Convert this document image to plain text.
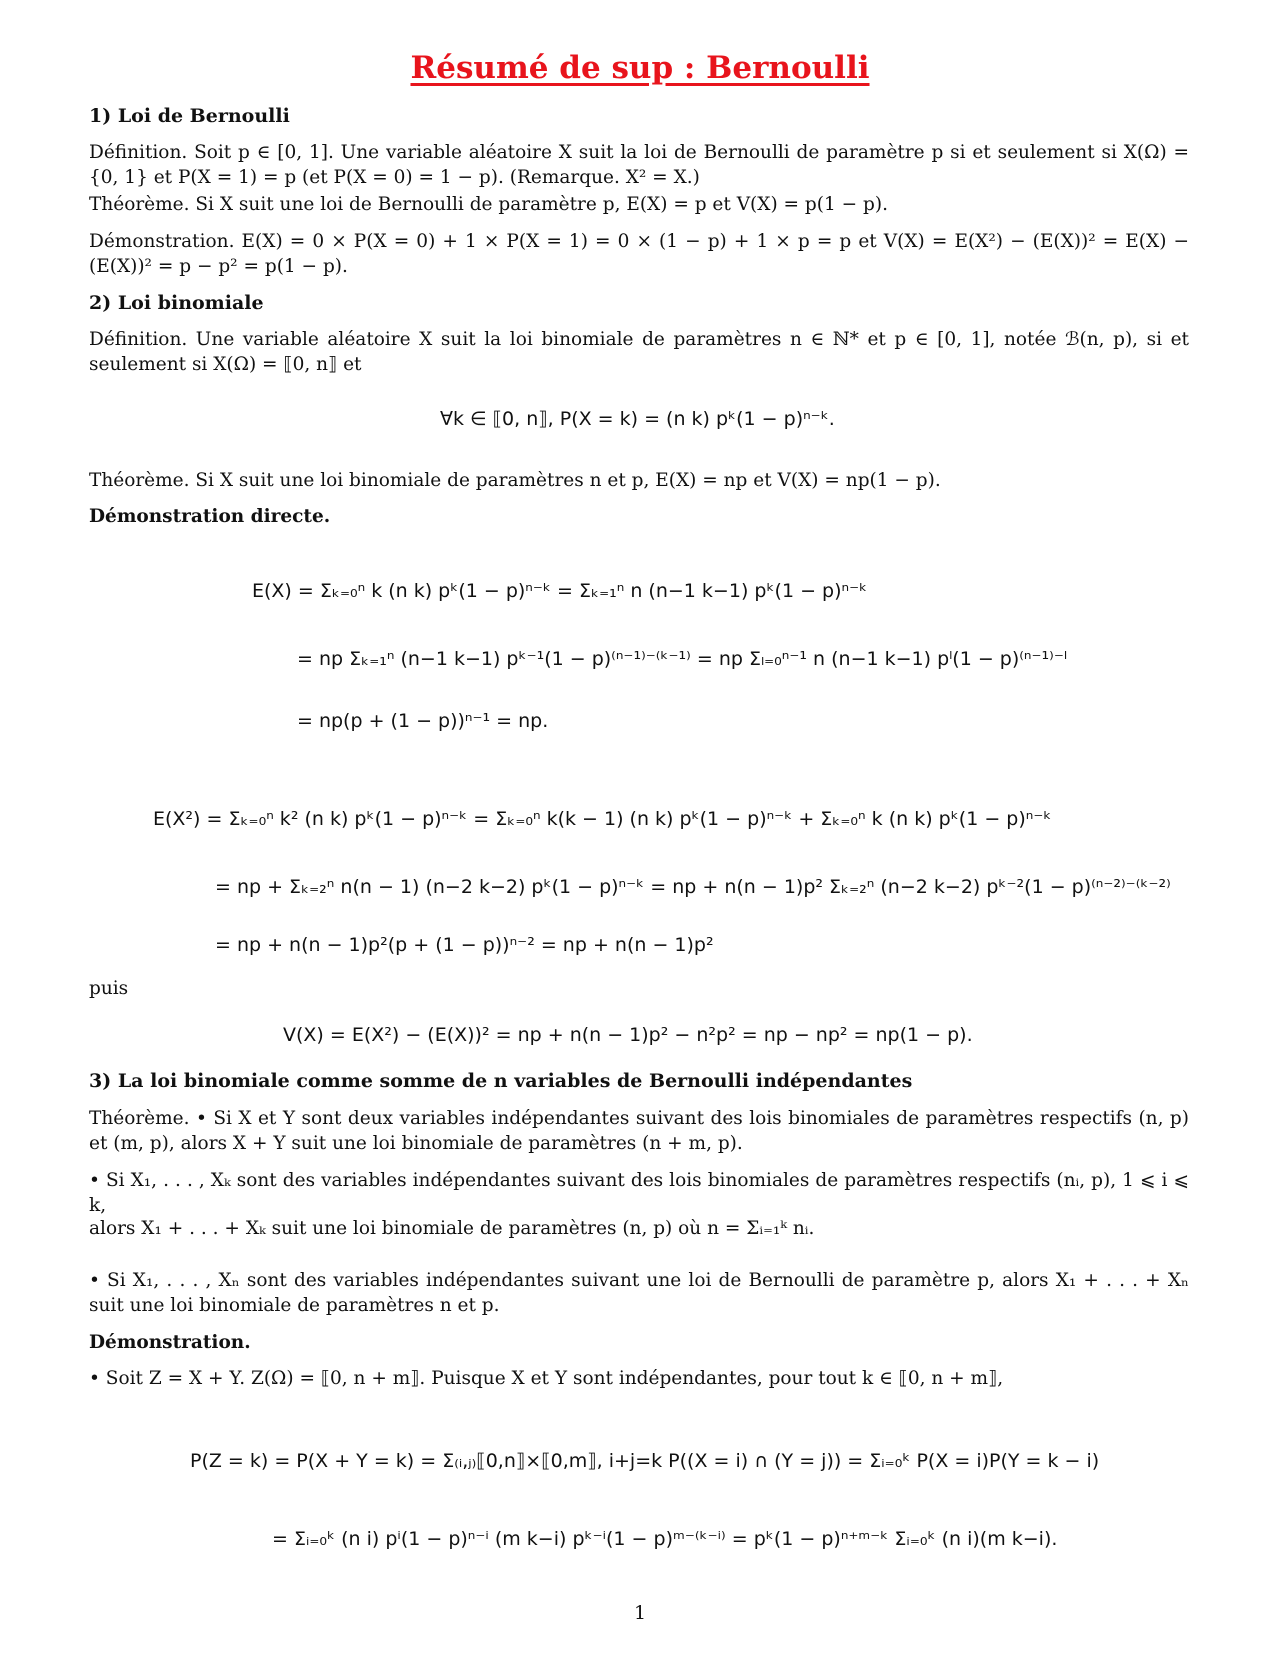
Résumé de sup : Bernoulli
1) Loi de Bernoulli
Définition. Soit p ∈ [0, 1]. Une variable aléatoire X suit la loi de Bernoulli de paramètre p si et seulement si X(Ω) = {0, 1} et P(X = 1) = p (et P(X = 0) = 1 − p). (Remarque. X² = X.)
Théorème. Si X suit une loi de Bernoulli de paramètre p, E(X) = p et V(X) = p(1 − p).
Démonstration. E(X) = 0 × P(X = 0) + 1 × P(X = 1) = 0 × (1 − p) + 1 × p = p et V(X) = E(X²) − (E(X))² = E(X) − (E(X))² = p − p² = p(1 − p).
2) Loi binomiale
Définition. Une variable aléatoire X suit la loi binomiale de paramètres n ∈ ℕ* et p ∈ [0, 1], notée ℬ(n, p), si et seulement si X(Ω) = ⟦0, n⟧ et
∀k ∈ ⟦0, n⟧, P(X = k) = (n k) pᵏ(1 − p)ⁿ⁻ᵏ.
Théorème. Si X suit une loi binomiale de paramètres n et p, E(X) = np et V(X) = np(1 − p).
Démonstration directe.
E(X) = Σₖ₌₀ⁿ k (n k) pᵏ(1 − p)ⁿ⁻ᵏ = Σₖ₌₁ⁿ n (n−1 k−1) pᵏ(1 − p)ⁿ⁻ᵏ
= np Σₖ₌₁ⁿ (n−1 k−1) pᵏ⁻¹(1 − p)⁽ⁿ⁻¹⁾⁻⁽ᵏ⁻¹⁾ = np Σₗ₌₀ⁿ⁻¹ n (n−1 k−1) pˡ(1 − p)⁽ⁿ⁻¹⁾⁻ˡ
= np(p + (1 − p))ⁿ⁻¹ = np.
E(X²) = Σₖ₌₀ⁿ k² (n k) pᵏ(1 − p)ⁿ⁻ᵏ = Σₖ₌₀ⁿ k(k − 1) (n k) pᵏ(1 − p)ⁿ⁻ᵏ + Σₖ₌₀ⁿ k (n k) pᵏ(1 − p)ⁿ⁻ᵏ
= np + Σₖ₌₂ⁿ n(n − 1) (n−2 k−2) pᵏ(1 − p)ⁿ⁻ᵏ = np + n(n − 1)p² Σₖ₌₂ⁿ (n−2 k−2) pᵏ⁻²(1 − p)⁽ⁿ⁻²⁾⁻⁽ᵏ⁻²⁾
= np + n(n − 1)p²(p + (1 − p))ⁿ⁻² = np + n(n − 1)p²
puis
V(X) = E(X²) − (E(X))² = np + n(n − 1)p² − n²p² = np − np² = np(1 − p).
3) La loi binomiale comme somme de n variables de Bernoulli indépendantes
Théorème. • Si X et Y sont deux variables indépendantes suivant des lois binomiales de paramètres respectifs (n, p) et (m, p), alors X + Y suit une loi binomiale de paramètres (n + m, p).
• Si X₁, . . . , Xₖ sont des variables indépendantes suivant des lois binomiales de paramètres respectifs (nᵢ, p), 1 ⩽ i ⩽ k,
alors X₁ + . . . + Xₖ suit une loi binomiale de paramètres (n, p) où n = Σᵢ₌₁ᵏ nᵢ.
• Si X₁, . . . , Xₙ sont des variables indépendantes suivant une loi de Bernoulli de paramètre p, alors X₁ + . . . + Xₙ suit une loi binomiale de paramètres n et p.
Démonstration.
• Soit Z = X + Y. Z(Ω) = ⟦0, n + m⟧. Puisque X et Y sont indépendantes, pour tout k ∈ ⟦0, n + m⟧,
P(Z = k) = P(X + Y = k) = Σ₍ᵢ,ⱼ₎⟦0,n⟧×⟦0,m⟧, i+j=k P((X = i) ∩ (Y = j)) = Σᵢ₌₀ᵏ P(X = i)P(Y = k − i)
= Σᵢ₌₀ᵏ (n i) pⁱ(1 − p)ⁿ⁻ⁱ (m k−i) pᵏ⁻ⁱ(1 − p)ᵐ⁻⁽ᵏ⁻ⁱ⁾ = pᵏ(1 − p)ⁿ⁺ᵐ⁻ᵏ Σᵢ₌₀ᵏ (n i)(m k−i).
1
